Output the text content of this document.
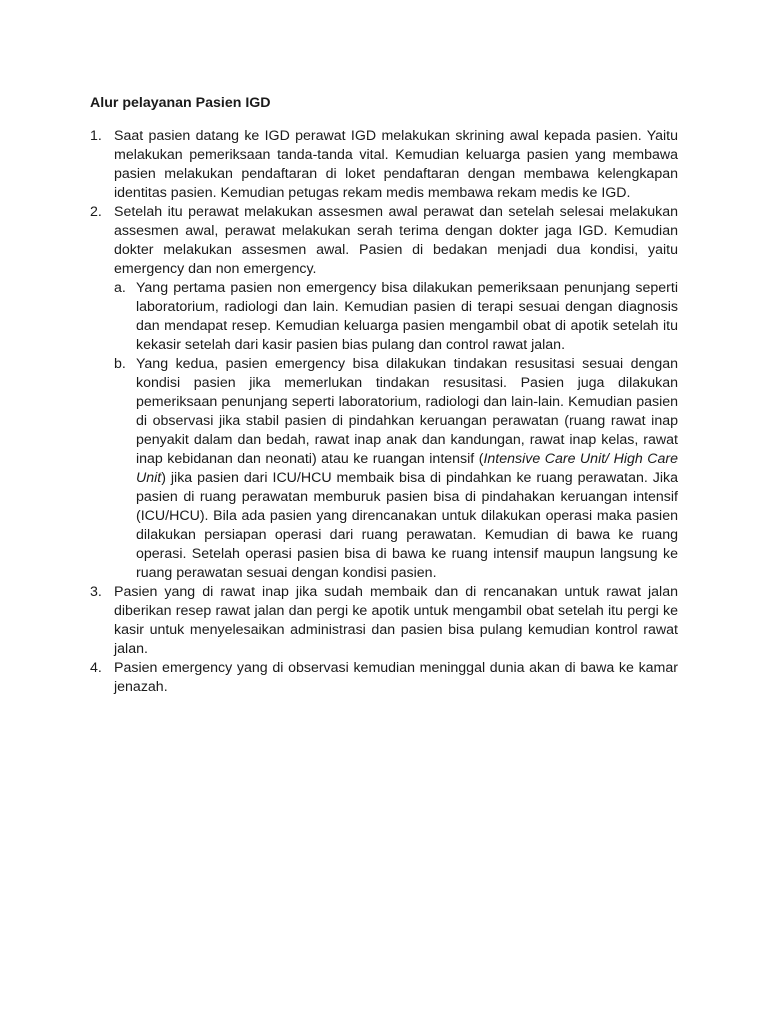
Alur pelayanan Pasien IGD
1. Saat pasien datang ke IGD perawat IGD melakukan skrining awal kepada pasien. Yaitu melakukan pemeriksaan tanda-tanda vital. Kemudian keluarga pasien yang membawa pasien melakukan pendaftaran di loket pendaftaran dengan membawa kelengkapan identitas pasien. Kemudian petugas rekam medis membawa rekam medis ke IGD.
2. Setelah itu perawat melakukan assesmen awal perawat dan setelah selesai melakukan assesmen awal, perawat melakukan serah terima dengan dokter jaga IGD. Kemudian dokter melakukan assesmen awal. Pasien di bedakan menjadi dua kondisi, yaitu emergency dan non emergency.
a. Yang pertama pasien non emergency bisa dilakukan pemeriksaan penunjang seperti laboratorium, radiologi dan lain. Kemudian pasien di terapi sesuai dengan diagnosis dan mendapat resep. Kemudian keluarga pasien mengambil obat di apotik setelah itu kekasir setelah dari kasir pasien bias pulang dan control rawat jalan.
b. Yang kedua, pasien emergency bisa dilakukan tindakan resusitasi sesuai dengan kondisi pasien jika memerlukan tindakan resusitasi. Pasien juga dilakukan pemeriksaan penunjang seperti laboratorium, radiologi dan lain-lain. Kemudian pasien di observasi jika stabil pasien di pindahkan keruangan perawatan (ruang rawat inap penyakit dalam dan bedah, rawat inap anak dan kandungan, rawat inap kelas, rawat inap kebidanan dan neonati) atau ke ruangan intensif (Intensive Care Unit/ High Care Unit) jika pasien dari ICU/HCU membaik bisa di pindahkan ke ruang perawatan. Jika pasien di ruang perawatan memburuk pasien bisa di pindahakan keruangan intensif (ICU/HCU). Bila ada pasien yang direncanakan untuk dilakukan operasi maka pasien dilakukan persiapan operasi dari ruang perawatan. Kemudian di bawa ke ruang operasi. Setelah operasi pasien bisa di bawa ke ruang intensif maupun langsung ke ruang perawatan sesuai dengan kondisi pasien.
3. Pasien yang di rawat inap jika sudah membaik dan di rencanakan untuk rawat jalan diberikan resep rawat jalan dan pergi ke apotik untuk mengambil obat setelah itu pergi ke kasir untuk menyelesaikan administrasi dan pasien bisa pulang kemudian kontrol rawat jalan.
4. Pasien emergency yang di observasi kemudian meninggal dunia akan di bawa ke kamar jenazah.
